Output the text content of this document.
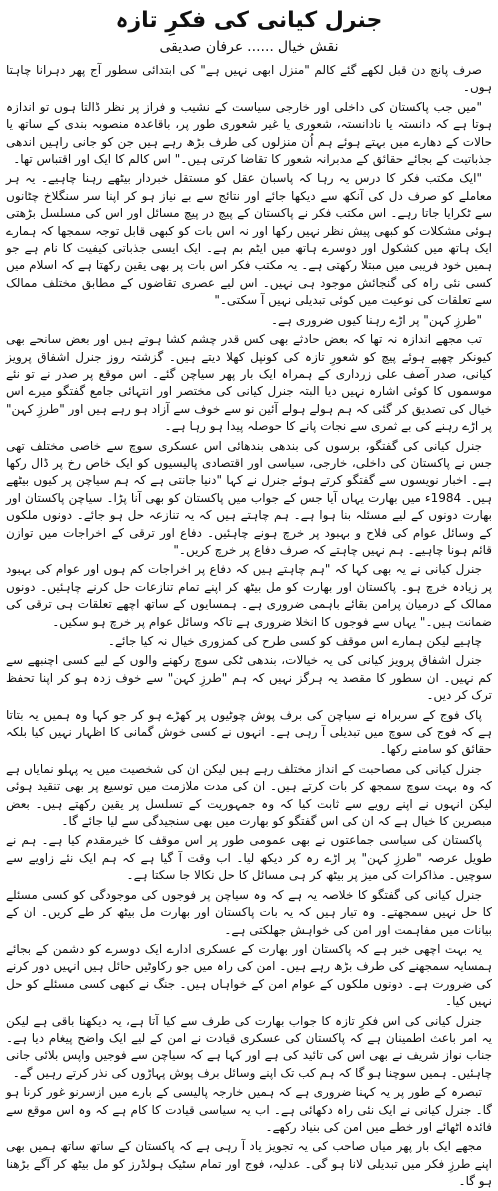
جنرل کیانی کی فکرِ تازہ
نقش خیال......عرفان صدیقی

صرف پانچ دن قبل لکھے گئے کالم "منزل ابھی نہیں ہے" کی ابتدائی سطور آج پھر دہرانا چاہتا ہوں۔

"میں جب پاکستان کی داخلی اور خارجی سیاست کے نشیب و فراز پر نظر ڈالتا ہوں تو اندازہ ہوتا ہے کہ دانستہ یا نادانستہ، شعوری یا غیر شعوری طور پر، باقاعدہ منصوبہ بندی کے ساتھ یا حالات کے دھارے میں بہتے ہوئے ہم اُن منزلوں کی طرف بڑھ رہے ہیں جن کو جانی راہیں اندھی جذباتیت کے بجائے حقائق کے مدبرانہ شعور کا تقاضا کرتی ہیں۔" اس کالم کا ایک اور اقتباس تھا۔

"ایک مکتب فکر کا درس یہ رہا کہ پاسبان عقل کو مستقل خبردار بیٹھے رہنا چاہیے۔ یہ ہر معاملے کو صرف دل کی آنکھ سے دیکھا جائے اور نتائج سے بے نیاز ہو کر اپنا سر سنگلاخ چٹانوں سے ٹکرایا جاتا رہے۔ اس مکتب فکر نے پاکستان کے پیچ در پیچ مسائل اور اس کی مسلسل بڑھتی ہوئی مشکلات کو کبھی پیش نظر نہیں رکھا اور نہ اس بات کو کبھی قابل توجہ سمجھا کہ ہمارے ایک ہاتھ میں کشکول اور دوسرے ہاتھ میں ایٹم بم ہے۔ ایک ایسی جذباتی کیفیت کا نام ہے جو ہمیں خود فریبی میں مبتلا رکھتی ہے۔ یہ مکتب فکر اس بات پر بھی یقین رکھتا ہے کہ اسلام میں کسی نئی راہ کی گنجائش موجود ہی نہیں۔ اس لیے عصری تقاضوں کے مطابق مختلف ممالک سے تعلقات کی نوعیت میں کوئی تبدیلی نہیں آ سکتی۔"

"طرزِ کہن" پر اڑے رہنا کیوں ضروری ہے۔

تب مجھے اندازہ نہ تھا کہ بعض حادثے بھی کس قدر چشم کشا ہوتے ہیں اور بعض سانحے بھی کیونکر چھپے ہوئے پیچ کو شعورِ تازہ کی کونپل کھلا دیتے ہیں۔ گزشتہ روز جنرل اشفاق پرویز کیانی، صدر آصف علی زرداری کے ہمراہ ایک بار پھر سیاچن گئے۔ اس موقع پر صدر نے تو نئے موسموں کا کوئی اشارہ نہیں دیا البتہ جنرل کیانی کی مختصر اور انتہائی جامع گفتگو میرے اس خیال کی تصدیق کر گئی کہ ہم ہولے ہولے آئین نو سے خوف سے آزاد ہو رہے ہیں اور "طرزِ کہن" پر اڑے رہنے کی بے ثمری سے نجات پانے کا حوصلہ پیدا ہو رہا ہے۔

جنرل کیانی کی گفتگو، برسوں کی بندھی بندھائی اس عسکری سوچ سے خاصی مختلف تھی جس نے پاکستان کی داخلی، خارجی، سیاسی اور اقتصادی پالیسیوں کو ایک خاص رخ پر ڈال رکھا ہے۔ اخبار نویسوں سے گفتگو کرتے ہوئے جنرل نے کہا "دنیا جانتی ہے کہ ہم سیاچن پر کیوں بیٹھے ہیں۔ 1984ء میں بھارت یہاں آیا جس کے جواب میں پاکستان کو بھی آنا پڑا۔ سیاچن پاکستان اور بھارت دونوں کے لیے مسئلہ بنا ہوا ہے۔ ہم چاہتے ہیں کہ یہ تنازعہ حل ہو جائے۔ دونوں ملکوں کے وسائل عوام کی فلاح و بہبود پر خرچ ہونے چاہئیں۔ دفاع اور ترقی کے اخراجات میں توازن قائم ہونا چاہیے۔ ہم نہیں چاہتے کہ صرف دفاع پر خرچ کریں۔"

جنرل کیانی نے یہ بھی کہا کہ "ہم چاہتے ہیں کہ دفاع پر اخراجات کم ہوں اور عوام کی بہبود پر زیادہ خرچ ہو۔ پاکستان اور بھارت کو مل بیٹھ کر اپنے تمام تنازعات حل کرنے چاہئیں۔ دونوں ممالک کے درمیان پرامن بقائے باہمی ضروری ہے۔ ہمسایوں کے ساتھ اچھے تعلقات ہی ترقی کی ضمانت ہیں۔" یہاں سے فوجوں کا انخلا ضروری ہے تاکہ وسائل عوام پر خرچ ہو سکیں۔

چاہیے لیکن ہمارے اس موقف کو کسی طرح کی کمزوری خیال نہ کیا جائے۔

جنرل اشفاق پرویز کیانی کی یہ خیالات، بندھی ٹکی سوچ رکھنے والوں کے لیے کسی اچنبھے سے کم نہیں۔ ان سطور کا مقصد یہ ہرگز نہیں کہ ہم "طرزِ کہن" سے خوف زدہ ہو کر اپنا تحفظ ترک کر دیں۔

پاک فوج کے سربراہ نے سیاچن کی برف پوش چوٹیوں پر کھڑے ہو کر جو کہا وہ ہمیں یہ بتاتا ہے کہ فوج کی سوچ میں تبدیلی آ رہی ہے۔ انہوں نے کسی خوش گمانی کا اظہار نہیں کیا بلکہ حقائق کو سامنے رکھا۔

جنرل کیانی کی مصاحبت کے انداز مختلف رہے ہیں لیکن ان کی شخصیت میں یہ پہلو نمایاں ہے کہ وہ بہت سوچ سمجھ کر بات کرتے ہیں۔ ان کی مدت ملازمت میں توسیع پر بھی تنقید ہوئی لیکن انہوں نے اپنے رویے سے ثابت کیا کہ وہ جمہوریت کے تسلسل پر یقین رکھتے ہیں۔ بعض مبصرین کا خیال ہے کہ ان کی اس گفتگو کو بھارت میں بھی سنجیدگی سے لیا جائے گا۔

پاکستان کی سیاسی جماعتوں نے بھی عمومی طور پر اس موقف کا خیرمقدم کیا ہے۔ ہم نے طویل عرصہ "طرزِ کہن" پر اڑے رہ کر دیکھ لیا۔ اب وقت آ گیا ہے کہ ہم ایک نئے زاویے سے سوچیں۔ مذاکرات کی میز پر بیٹھ کر ہی مسائل کا حل نکالا جا سکتا ہے۔

جنرل کیانی کی گفتگو کا خلاصہ یہ ہے کہ وہ سیاچن پر فوجوں کی موجودگی کو کسی مسئلے کا حل نہیں سمجھتے۔ وہ تیار ہیں کہ یہ بات پاکستان اور بھارت مل بیٹھ کر طے کریں۔ ان کے بیانات میں مفاہمت اور امن کی خواہش جھلکتی ہے۔

یہ بہت اچھی خبر ہے کہ پاکستان اور بھارت کے عسکری ادارے ایک دوسرے کو دشمن کے بجائے ہمسایہ سمجھنے کی طرف بڑھ رہے ہیں۔ امن کی راہ میں جو رکاوٹیں حائل ہیں انہیں دور کرنے کی ضرورت ہے۔ دونوں ملکوں کے عوام امن کے خواہاں ہیں۔ جنگ نے کبھی کسی مسئلے کو حل نہیں کیا۔

جنرل کیانی کی اس فکرِ تازہ کا جواب بھارت کی طرف سے کیا آتا ہے، یہ دیکھنا باقی ہے لیکن یہ امر باعث اطمینان ہے کہ پاکستان کی عسکری قیادت نے امن کے لیے ایک واضح پیغام دیا ہے۔ جناب نواز شریف نے بھی اس کی تائید کی ہے اور کہا ہے کہ سیاچن سے فوجیں واپس بلائی جانی چاہئیں۔ ہمیں سوچنا ہو گا کہ ہم کب تک اپنے وسائل برف پوش پہاڑوں کی نذر کرتے رہیں گے۔

تبصرہ کے طور پر یہ کہنا ضروری ہے کہ ہمیں خارجہ پالیسی کے بارے میں ازسرنو غور کرنا ہو گا۔ جنرل کیانی نے ایک نئی راہ دکھائی ہے۔ اب یہ سیاسی قیادت کا کام ہے کہ وہ اس موقع سے فائدہ اٹھائے اور خطے میں امن کی بنیاد رکھے۔

مجھے ایک بار پھر میاں صاحب کی یہ تجویز یاد آ رہی ہے کہ پاکستان کے ساتھ ساتھ ہمیں بھی اپنے طرزِ فکر میں تبدیلی لانا ہو گی۔ عدلیہ، فوج اور تمام سٹیک ہولڈرز کو مل بیٹھ کر آگے بڑھنا ہو گا۔
